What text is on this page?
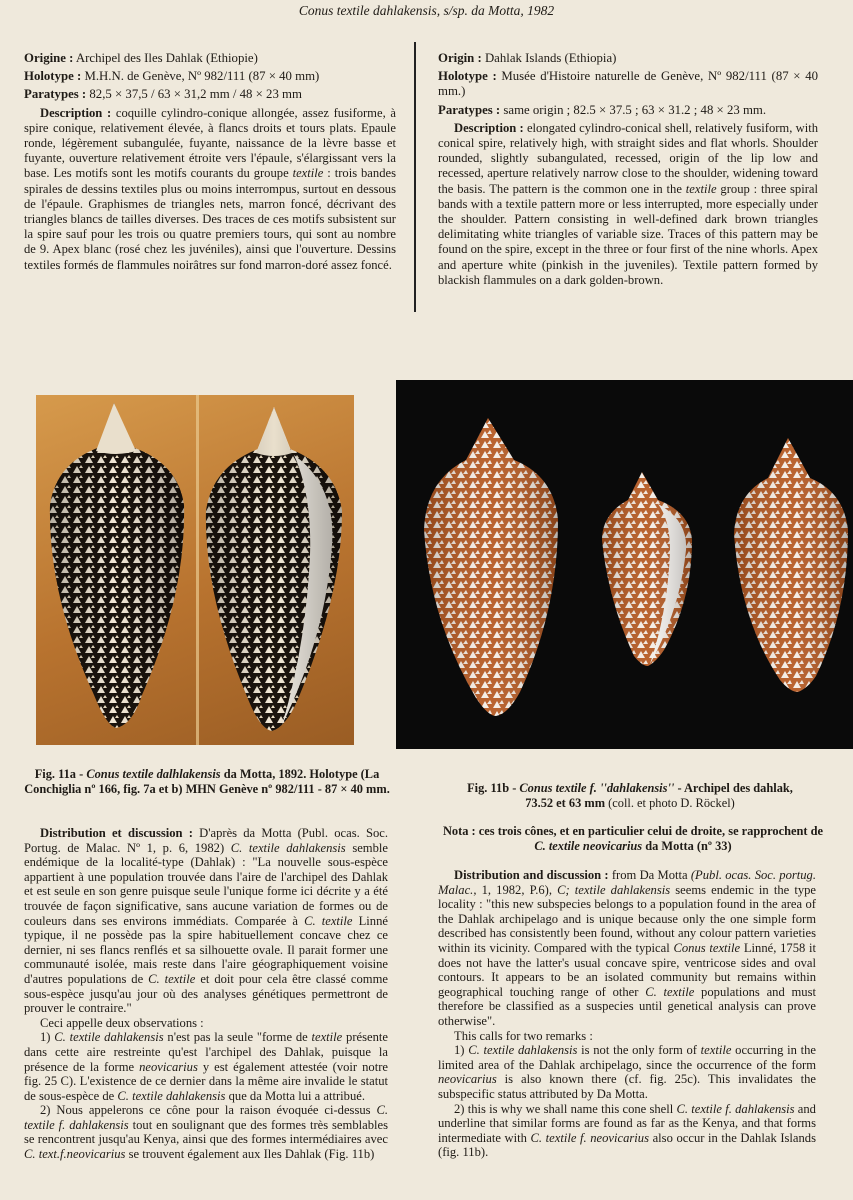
Conus textile dahlakensis, s/sp. da Motta, 1982

Origine : Archipel des Iles Dahlak (Ethiopie)

Holotype : M.H.N. de Genève, Nº 982/111 (87 × 40 mm)

Paratypes : 82,5 × 37,5 / 63 × 31,2 mm / 48 × 23 mm

Description : coquille cylindro-conique allongée, assez fusiforme, à spire conique, relativement élevée, à flancs droits et tours plats. Epaule ronde, légèrement subangulée, fuyante, naissance de la lèvre basse et fuyante, ouverture relativement étroite vers l'épaule, s'élargissant vers la base. Les motifs sont les motifs courants du groupe textile : trois bandes spirales de dessins textiles plus ou moins interrompus, surtout en dessous de l'épaule. Graphismes de triangles nets, marron foncé, décrivant des triangles blancs de tailles diverses. Des traces de ces motifs subsistent sur la spire sauf pour les trois ou quatre premiers tours, qui sont au nombre de 9. Apex blanc (rosé chez les juvéniles), ainsi que l'ouverture. Dessins textiles formés de flammules noirâtres sur fond marron-doré assez foncé.

Origin : Dahlak Islands (Ethiopia)

Holotype : Musée d'Histoire naturelle de Genève, Nº 982/111 (87 × 40 mm.)

Paratypes : same origin ; 82.5 × 37.5 ; 63 × 31.2 ; 48 × 23 mm.

Description : elongated cylindro-conical shell, relatively fusiform, with conical spire, relatively high, with straight sides and flat whorls. Shoulder rounded, slightly subangulated, recessed, origin of the lip low and recessed, aperture relatively narrow close to the shoulder, widening toward the basis. The pattern is the common one in the textile group : three spiral bands with a textile pattern more or less interrupted, more especially under the shoulder. Pattern consisting in well-defined dark brown triangles delimitating white triangles of variable size. Traces of this pattern may be found on the spire, except in the three or four first of the nine whorls. Apex and aperture white (pinkish in the juveniles). Textile pattern formed by blackish flammules on a dark golden-brown.

Fig. 11a - Conus textile dalhlakensis da Motta, 1892. Holotype (La Conchiglia nº 166, fig. 7a et b) MHN Genève nº 982/111 - 87 × 40 mm.	Fig. 11b - Conus textile f. ''dahlakensis'' - Archipel des dahlak,
73.52 et 63 mm (coll. et photo D. Röckel)
Nota : ces trois cônes, et en particulier celui de droite, se rapprochent de C. textile neovicarius da Motta (nº 33)

Distribution et discussion : D'après da Motta (Publ. ocas. Soc. Portug. de Malac. Nº 1, p. 6, 1982) C. textile dahlakensis semble endémique de la localité-type (Dahlak) : "La nouvelle sous-espèce appartient à une population trouvée dans l'aire de l'archipel des Dahlak et est seule en son genre puisque seule l'unique forme ici décrite y a été trouvée de façon significative, sans aucune variation de formes ou de couleurs dans ses environs immédiats. Comparée à C. textile Linné typique, il ne possède pas la spire habituellement concave chez ce dernier, ni ses flancs renflés et sa silhouette ovale. Il parait former une communauté isolée, mais reste dans l'aire géographiquement voisine d'autres populations de C. textile et doit pour cela être classé comme sous-espèce jusqu'au jour où des analyses génétiques permettront de prouver le contraire."

Ceci appelle deux observations :

1) C. textile dahlakensis n'est pas la seule "forme de textile présente dans cette aire restreinte qu'est l'archipel des Dahlak, puisque la présence de la forme neovicarius y est également attestée (voir notre fig. 25 C). L'existence de ce dernier dans la même aire invalide le statut de sous-espèce de C. textile dahlakensis que da Motta lui a attribué.

2) Nous appelerons ce cône pour la raison évoquée ci-dessus C. textile f. dahlakensis tout en soulignant que des formes très semblables se rencontrent jusqu'au Kenya, ainsi que des formes intermédiaires avec C. text.f.neovicarius se trouvent également aux Iles Dahlak (Fig. 11b)

Distribution and discussion : from Da Motta (Publ. ocas. Soc. portug. Malac., 1, 1982, P.6), C; textile dahlakensis seems endemic in the type locality : "this new subspecies belongs to a population found in the area of the Dahlak archipelago and is unique because only the one simple form described has consistently been found, without any colour pattern varieties within its vicinity. Compared with the typical Conus textile Linné, 1758 it does not have the latter's usual concave spire, ventricose sides and oval contours. It appears to be an isolated community but remains within geographical touching range of other C. textile populations and must therefore be classified as a suspecies until genetical analysis can prove otherwise".

This calls for two remarks :

1) C. textile dahlakensis is not the only form of textile occurring in the limited area of the Dahlak archipelago, since the occurrence of the form neovicarius is also known there (cf. fig. 25c). This invalidates the subspecific status attributed by Da Motta.

2) this is why we shall name this cone shell C. textile f. dahlakensis and underline that similar forms are found as far as the Kenya, and that forms intermediate with C. textile f. neovicarius also occur in the Dahlak Islands (fig. 11b).
